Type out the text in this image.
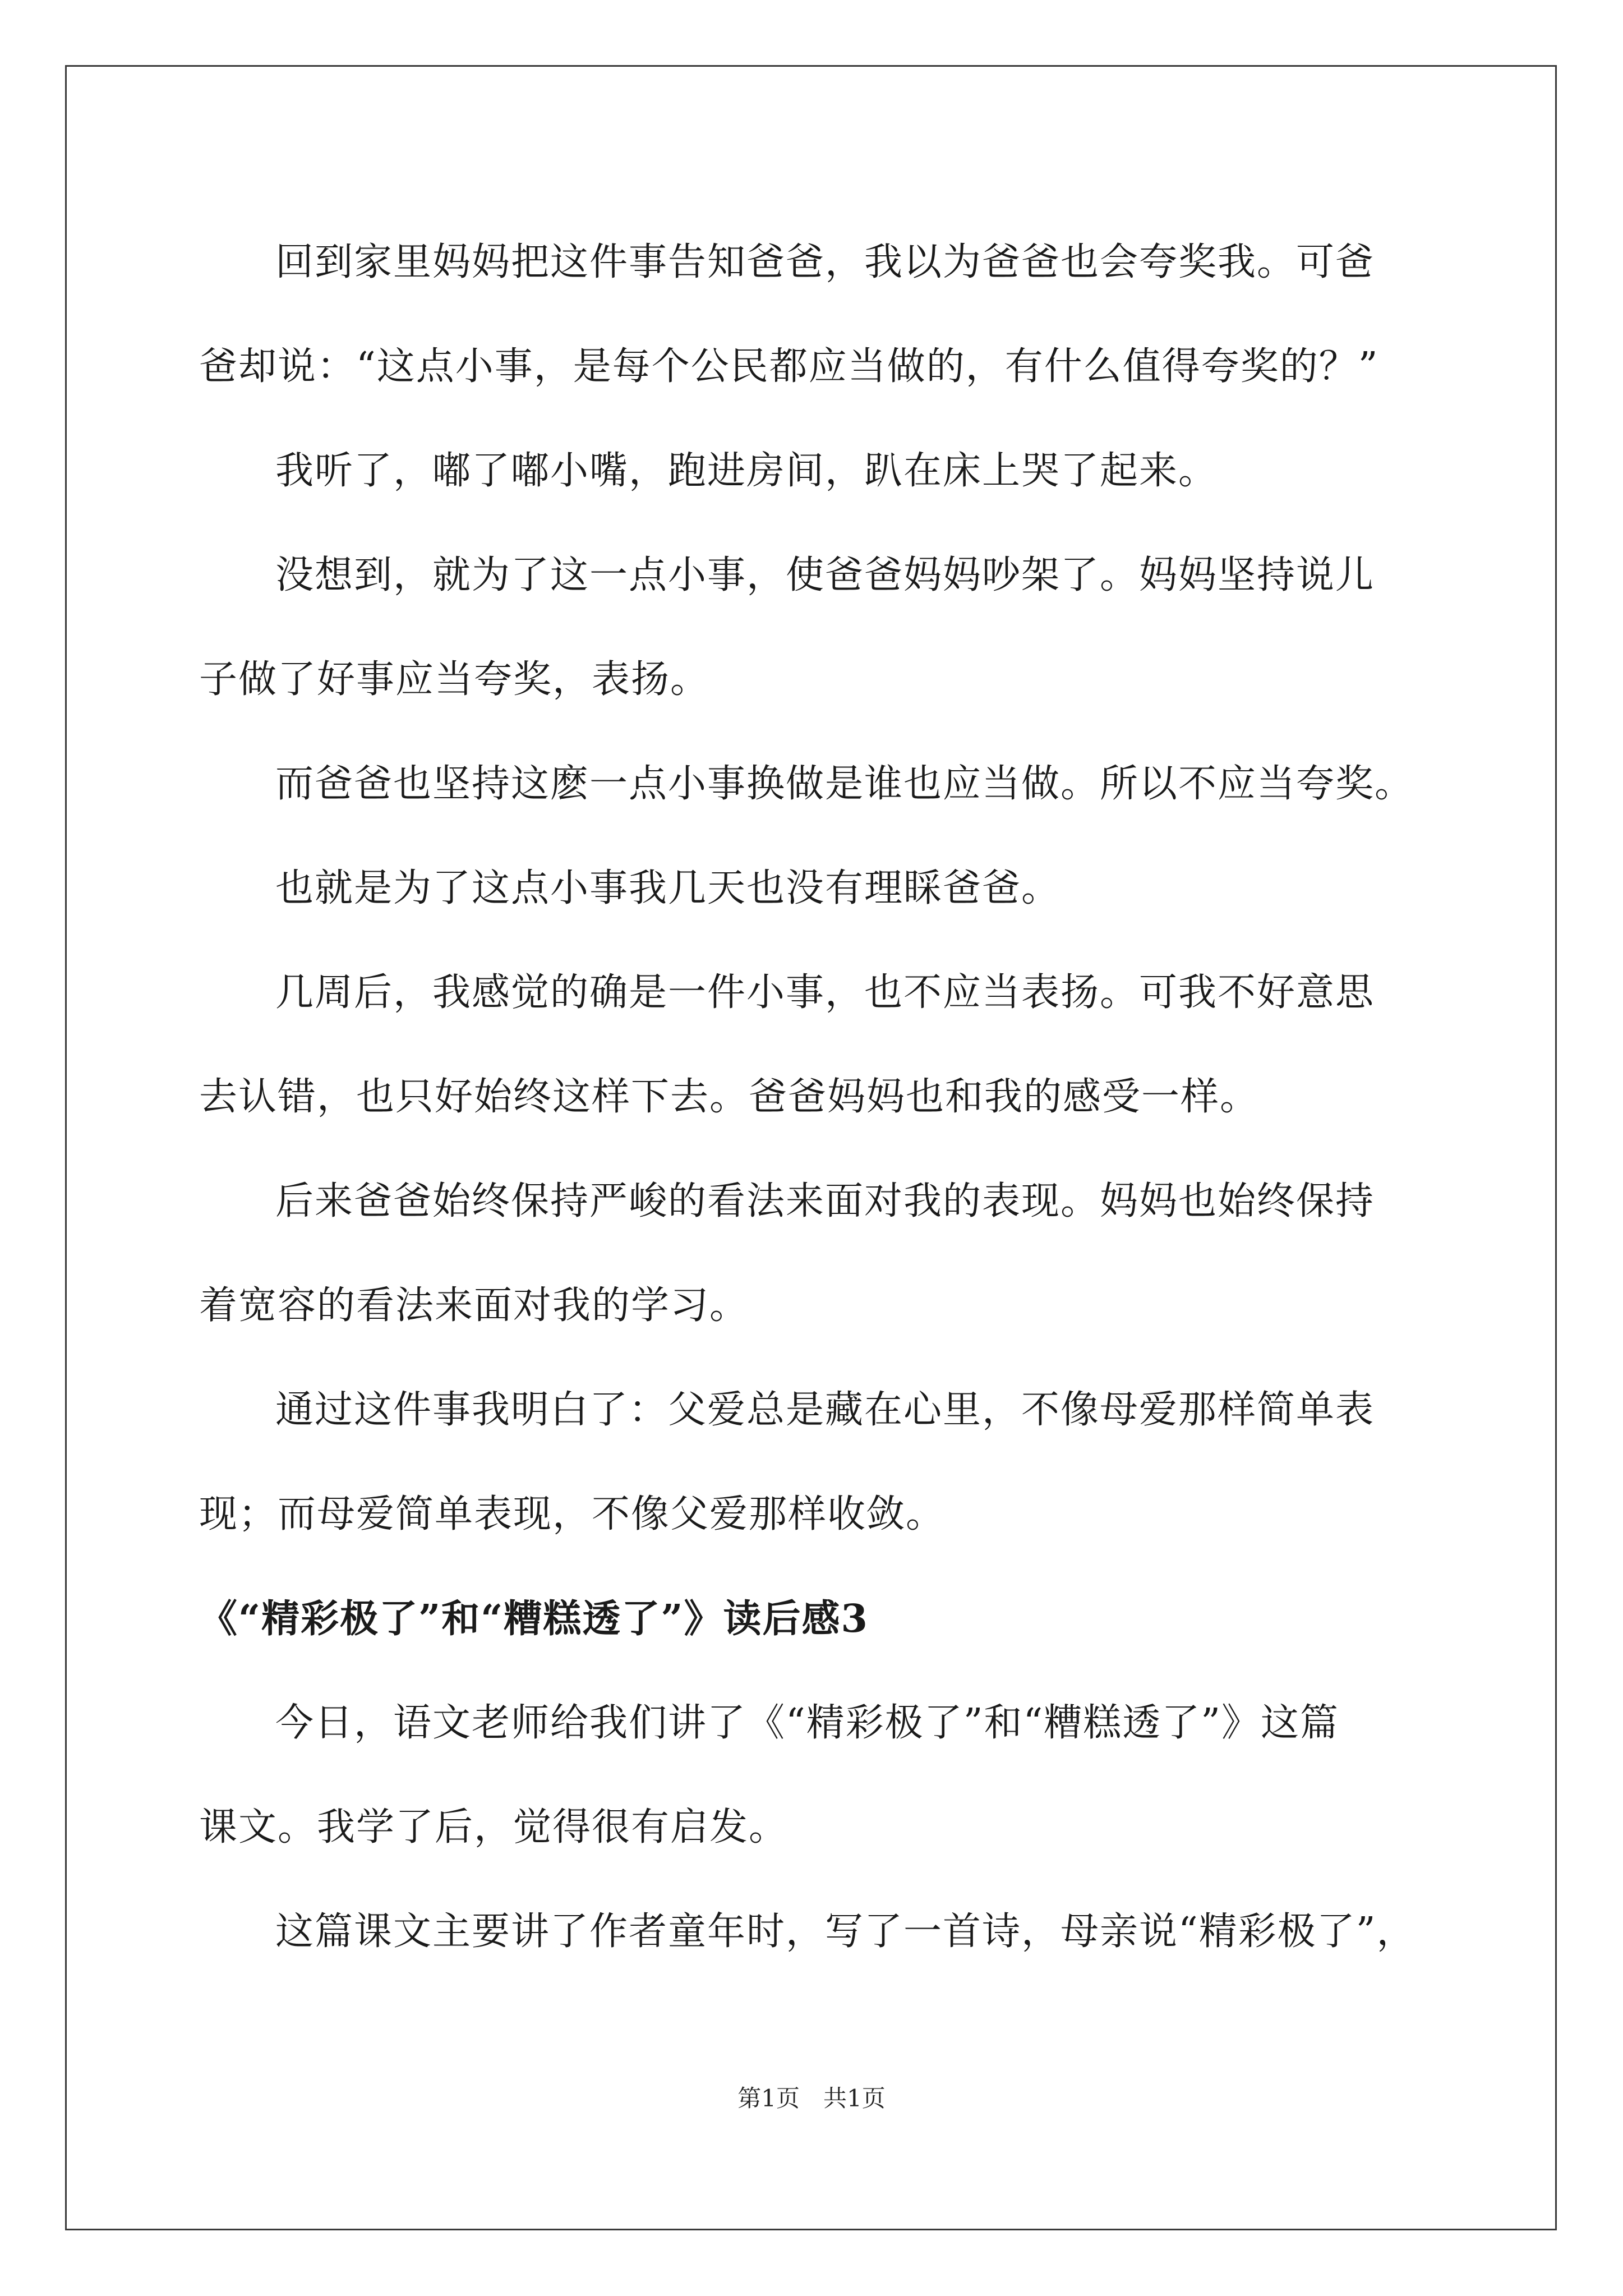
回到家里妈妈把这件事告知爸爸，我以为爸爸也会夸奖我。可爸
爸却说：“这点小事，是每个公民都应当做的，有什么值得夸奖的？”

我听了，嘟了嘟小嘴，跑进房间，趴在床上哭了起来。

没想到，就为了这一点小事，使爸爸妈妈吵架了。妈妈坚持说儿
子做了好事应当夸奖，表扬。

而爸爸也坚持这麽一点小事换做是谁也应当做。所以不应当夸奖。

也就是为了这点小事我几天也没有理睬爸爸。

几周后，我感觉的确是一件小事，也不应当表扬。可我不好意思
去认错，也只好始终这样下去。爸爸妈妈也和我的感受一样。

后来爸爸始终保持严峻的看法来面对我的表现。妈妈也始终保持
着宽容的看法来面对我的学习。

通过这件事我明白了：父爱总是藏在心里，不像母爱那样简单表
现；而母爱简单表现，不像父爱那样收敛。

《“精彩极了”和“糟糕透了”》读后感3

今日，语文老师给我们讲了《“精彩极了”和“糟糕透了”》这篇
课文。我学了后，觉得很有启发。

这篇课文主要讲了作者童年时，写了一首诗，母亲说“精彩极了”，

第1页　共1页
